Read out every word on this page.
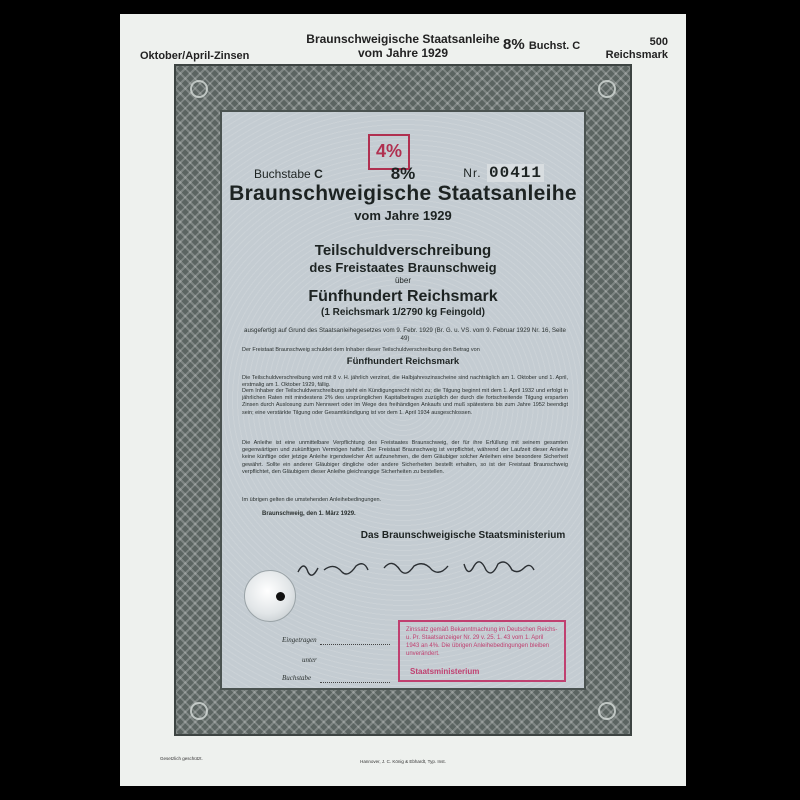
Oktober/April-Zinsen
Braunschweigische Staatsanleihe
vom Jahre 1929	8% Buchst. C	500
Reichsmark
Buchstabe C
4%
Nr. 00411
8%
Braunschweigische Staatsanleihe
vom Jahre 1929
Teilschuldverschreibung
des Freistaates Braunschweig
über
Fünfhundert Reichsmark
(1 Reichsmark 1/2790 kg Feingold)
ausgefertigt auf Grund des Staatsanleihegesetzes vom 9. Febr. 1929 (Br. G. u. VS. vom 9. Februar 1929 Nr. 16, Seite 49)
Der Freistaat Braunschweig schuldet dem Inhaber dieser Teilschuldverschreibung den Betrag von
Fünfhundert Reichsmark
Die Teilschuldverschreibung wird mit 8 v. H. jährlich verzinst, die Halbjahreszinsscheine sind nachträglich am 1. Oktober und 1. April, erstmalig am 1. Oktober 1929, fällig.
Dem Inhaber der Teilschuldverschreibung steht ein Kündigungsrecht nicht zu; die Tilgung beginnt mit dem 1. April 1932 und erfolgt in jährlichen Raten mit mindestens 2% des ursprünglichen Kapitalbetrages zuzüglich der durch die fortschreitende Tilgung ersparten Zinsen durch Auslosung zum Nennwert oder im Wege des freihändigen Ankaufs und muß spätestens bis zum Jahre 1952 beendigt sein; eine verstärkte Tilgung oder Gesamtkündigung ist vor dem 1. April 1934 ausgeschlossen.
Die Anleihe ist eine unmittelbare Verpflichtung des Freistaates Braunschweig, der für ihre Erfüllung mit seinem gesamten gegenwärtigen und zukünftigen Vermögen haftet. Der Freistaat Braunschweig ist verpflichtet, während der Laufzeit dieser Anleihe keine künftige oder jetzige Anleihe irgendwelcher Art aufzunehmen, die dem Gläubiger solcher Anleihen eine besondere Sicherheit gewährt. Sollte ein anderer Gläubiger dingliche oder andere Sicherheiten bestellt erhalten, so ist der Freistaat Braunschweig verpflichtet, den Gläubigern dieser Anleihe gleichrangige Sicherheiten zu bestellen.
Im übrigen gelten die umstehenden Anleihebedingungen.
Braunschweig, den 1. März 1929.
Das Braunschweigische Staatsministerium
Eingetragen
unter
Buchstabe
Zinssatz gemäß Bekanntmachung im Deutschen Reichs- u. Pr. Staatsanzeiger Nr. 29 v. 25. 1. 43 vom 1. April 1943 an 4%. Die übrigen Anleihebedingungen bleiben unverändert.
Staatsministerium
Gesetzlich geschützt.
Hannover, J. C. König & Ebhardt, Typ. Inst.
